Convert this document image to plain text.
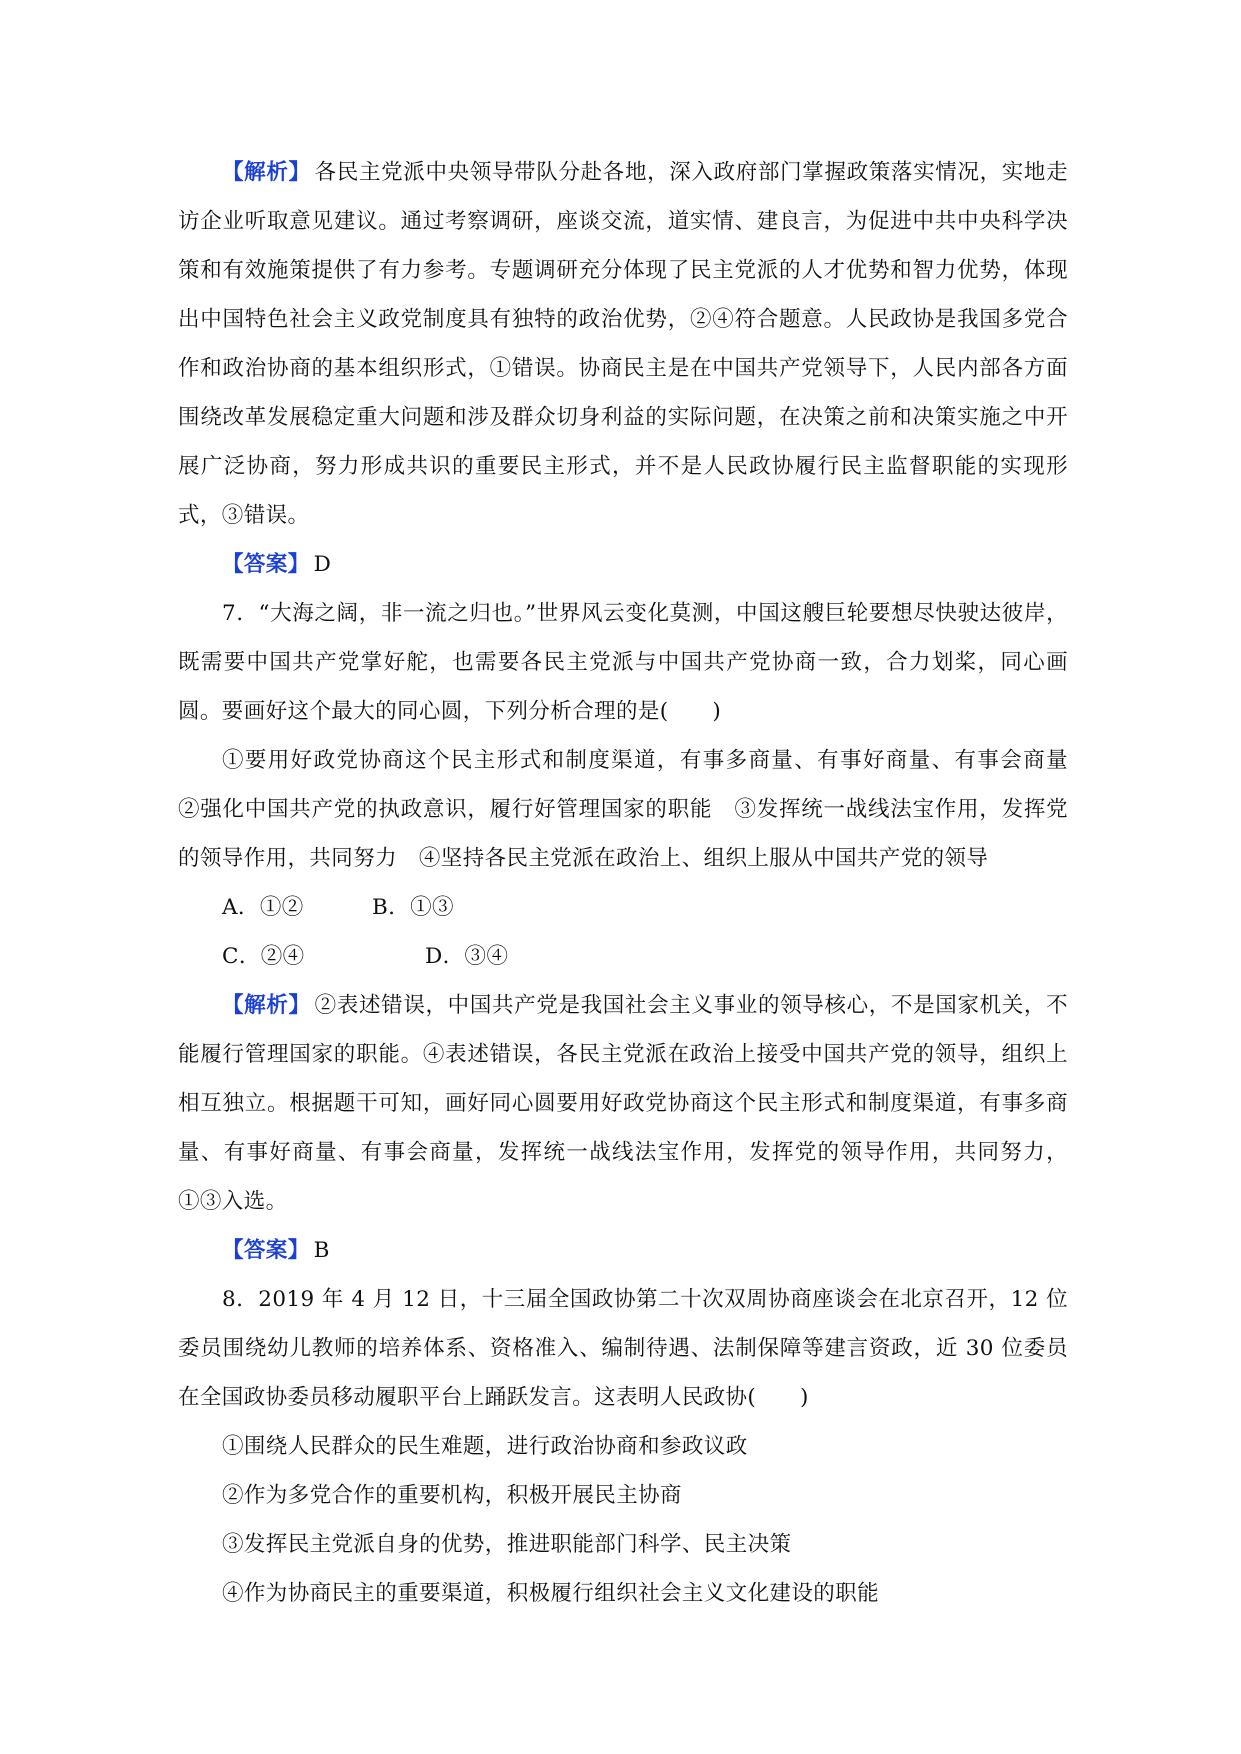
【解析】 各民主党派中央领导带队分赴各地，深入政府部门掌握政策落实情况，实地走访企业听取意见建议。通过考察调研，座谈交流，道实情、建良言，为促进中共中央科学决策和有效施策提供了有力参考。专题调研充分体现了民主党派的人才优势和智力优势，体现出中国特色社会主义政党制度具有独特的政治优势，②④符合题意。人民政协是我国多党合作和政治协商的基本组织形式，①错误。协商民主是在中国共产党领导下，人民内部各方面围绕改革发展稳定重大问题和涉及群众切身利益的实际问题，在决策之前和决策实施之中开展广泛协商，努力形成共识的重要民主形式，并不是人民政协履行民主监督职能的实现形式，③错误。

【答案】 D

7．“大海之阔，非一流之归也。”世界风云变化莫测，中国这艘巨轮要想尽快驶达彼岸，既需要中国共产党掌好舵，也需要各民主党派与中国共产党协商一致，合力划桨，同心画圆。要画好这个最大的同心圆，下列分析合理的是(　　)

①要用好政党协商这个民主形式和制度渠道，有事多商量、有事好商量、有事会商量　②强化中国共产党的执政意识，履行好管理国家的职能　③发挥统一战线法宝作用，发挥党的领导作用，共同努力　④坚持各民主党派在政治上、组织上服从中国共产党的领导

A．①②	B．①③

C．②④	D．③④

【解析】 ②表述错误，中国共产党是我国社会主义事业的领导核心，不是国家机关，不能履行管理国家的职能。④表述错误，各民主党派在政治上接受中国共产党的领导，组织上相互独立。根据题干可知，画好同心圆要用好政党协商这个民主形式和制度渠道，有事多商量、有事好商量、有事会商量，发挥统一战线法宝作用，发挥党的领导作用，共同努力，①③入选。

【答案】 B

8．2019 年 4 月 12 日，十三届全国政协第二十次双周协商座谈会在北京召开，12 位委员围绕幼儿教师的培养体系、资格准入、编制待遇、法制保障等建言资政，近 30 位委员在全国政协委员移动履职平台上踊跃发言。这表明人民政协(　　)

①围绕人民群众的民生难题，进行政治协商和参政议政

②作为多党合作的重要机构，积极开展民主协商

③发挥民主党派自身的优势，推进职能部门科学、民主决策

④作为协商民主的重要渠道，积极履行组织社会主义文化建设的职能
